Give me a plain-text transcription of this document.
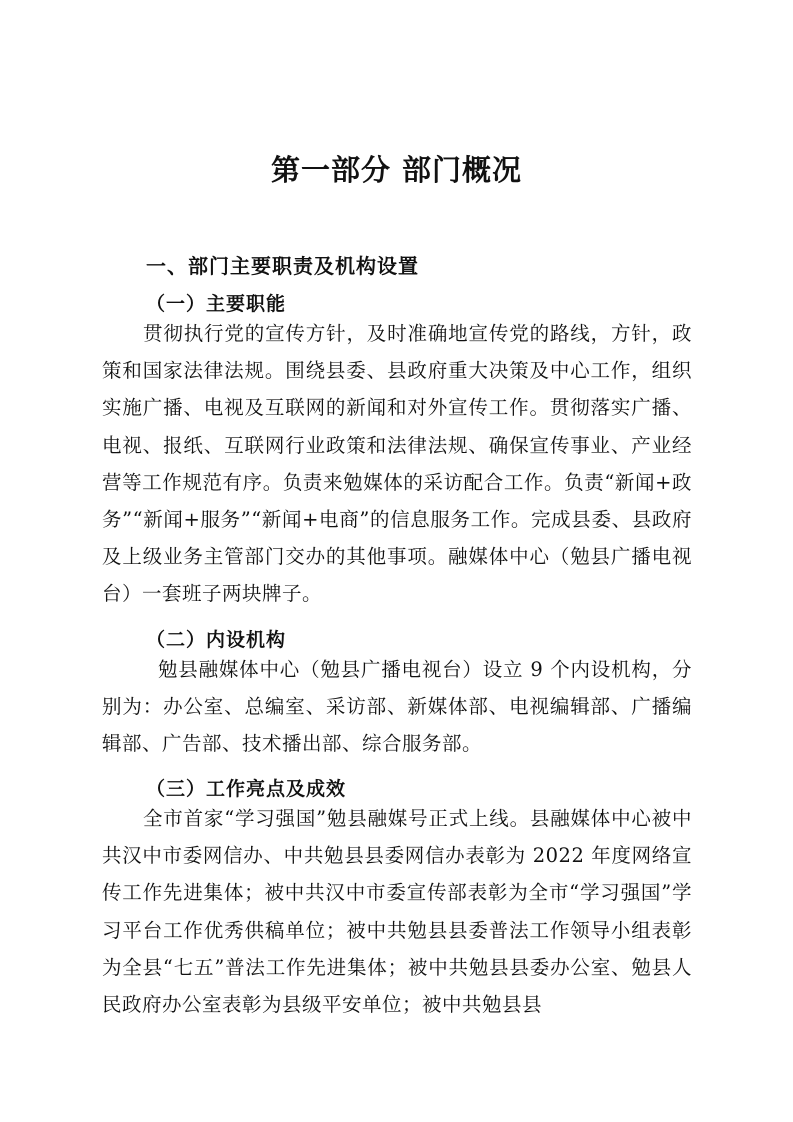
第一部分 部门概况
一、部门主要职责及机构设置
（一）主要职能
贯彻执行党的宣传方针，及时准确地宣传党的路线，方针，政策和国家法律法规。围绕县委、县政府重大决策及中心工作，组织实施广播、电视及互联网的新闻和对外宣传工作。贯彻落实广播、电视、报纸、互联网行业政策和法律法规、确保宣传事业、产业经营等工作规范有序。负责来勉媒体的采访配合工作。负责“新闻+政务”“新闻+服务”“新闻+电商”的信息服务工作。完成县委、县政府及上级业务主管部门交办的其他事项。融媒体中心（勉县广播电视台）一套班子两块牌子。
（二）内设机构
勉县融媒体中心（勉县广播电视台）设立 9 个内设机构，分别为：办公室、总编室、采访部、新媒体部、电视编辑部、广播编辑部、广告部、技术播出部、综合服务部。
（三）工作亮点及成效
全市首家“学习强国”勉县融媒号正式上线。县融媒体中心被中共汉中市委网信办、中共勉县县委网信办表彰为 2022 年度网络宣传工作先进集体；被中共汉中市委宣传部表彰为全市“学习强国”学习平台工作优秀供稿单位；被中共勉县县委普法工作领导小组表彰为全县“七五”普法工作先进集体；被中共勉县县委办公室、勉县人民政府办公室表彰为县级平安单位；被中共勉县县
